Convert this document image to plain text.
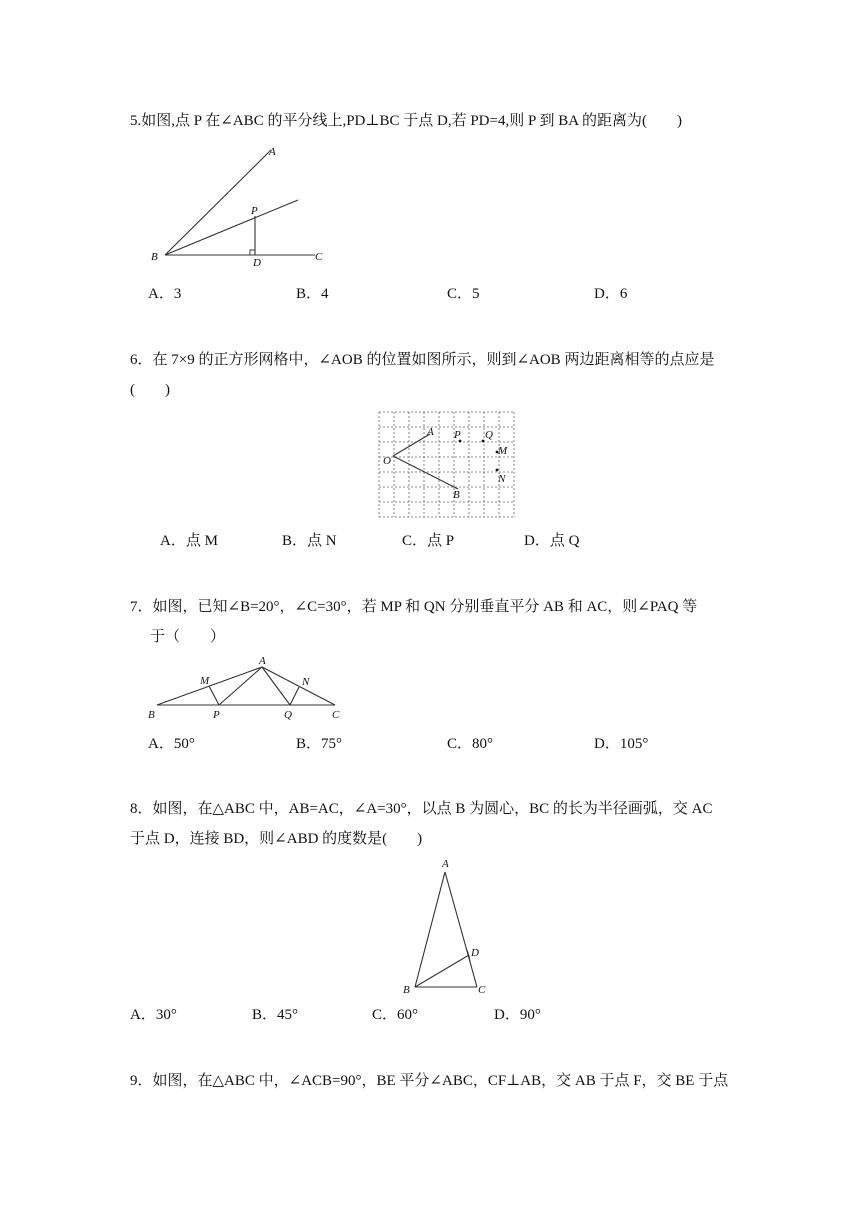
5.如图,点 P 在∠ABC 的平分线上,PD⊥BC 于点 D,若 PD=4,则 P 到 BA 的距离为(　　)

A
P
B	D	C
A．3	B．4	C．5	D．6

6．在 7×9 的正方形网格中，∠AOB 的位置如图所示，则到∠AOB 两边距离相等的点应是

(　　)

A P Q
O
M
N
B
A．点 M	B．点 N	C．点 P	D．点 Q

7．如图，已知∠B=20°，∠C=30°，若 MP 和 QN 分别垂直平分 AB 和 AC，则∠PAQ 等

于（　　）

A
M	N
B	P	Q	C
A．50°	B．75°	C．80°	D．105°

8．如图，在△ABC 中，AB=AC，∠A=30°，以点 B 为圆心，BC 的长为半径画弧，交 AC

于点 D，连接 BD，则∠ABD 的度数是(　　)

A
D
B	C
A．30°	B．45°	C．60°	D．90°

9．如图，在△ABC 中，∠ACB=90°，BE 平分∠ABC，CF⊥AB，交 AB 于点 F，交 BE 于点
